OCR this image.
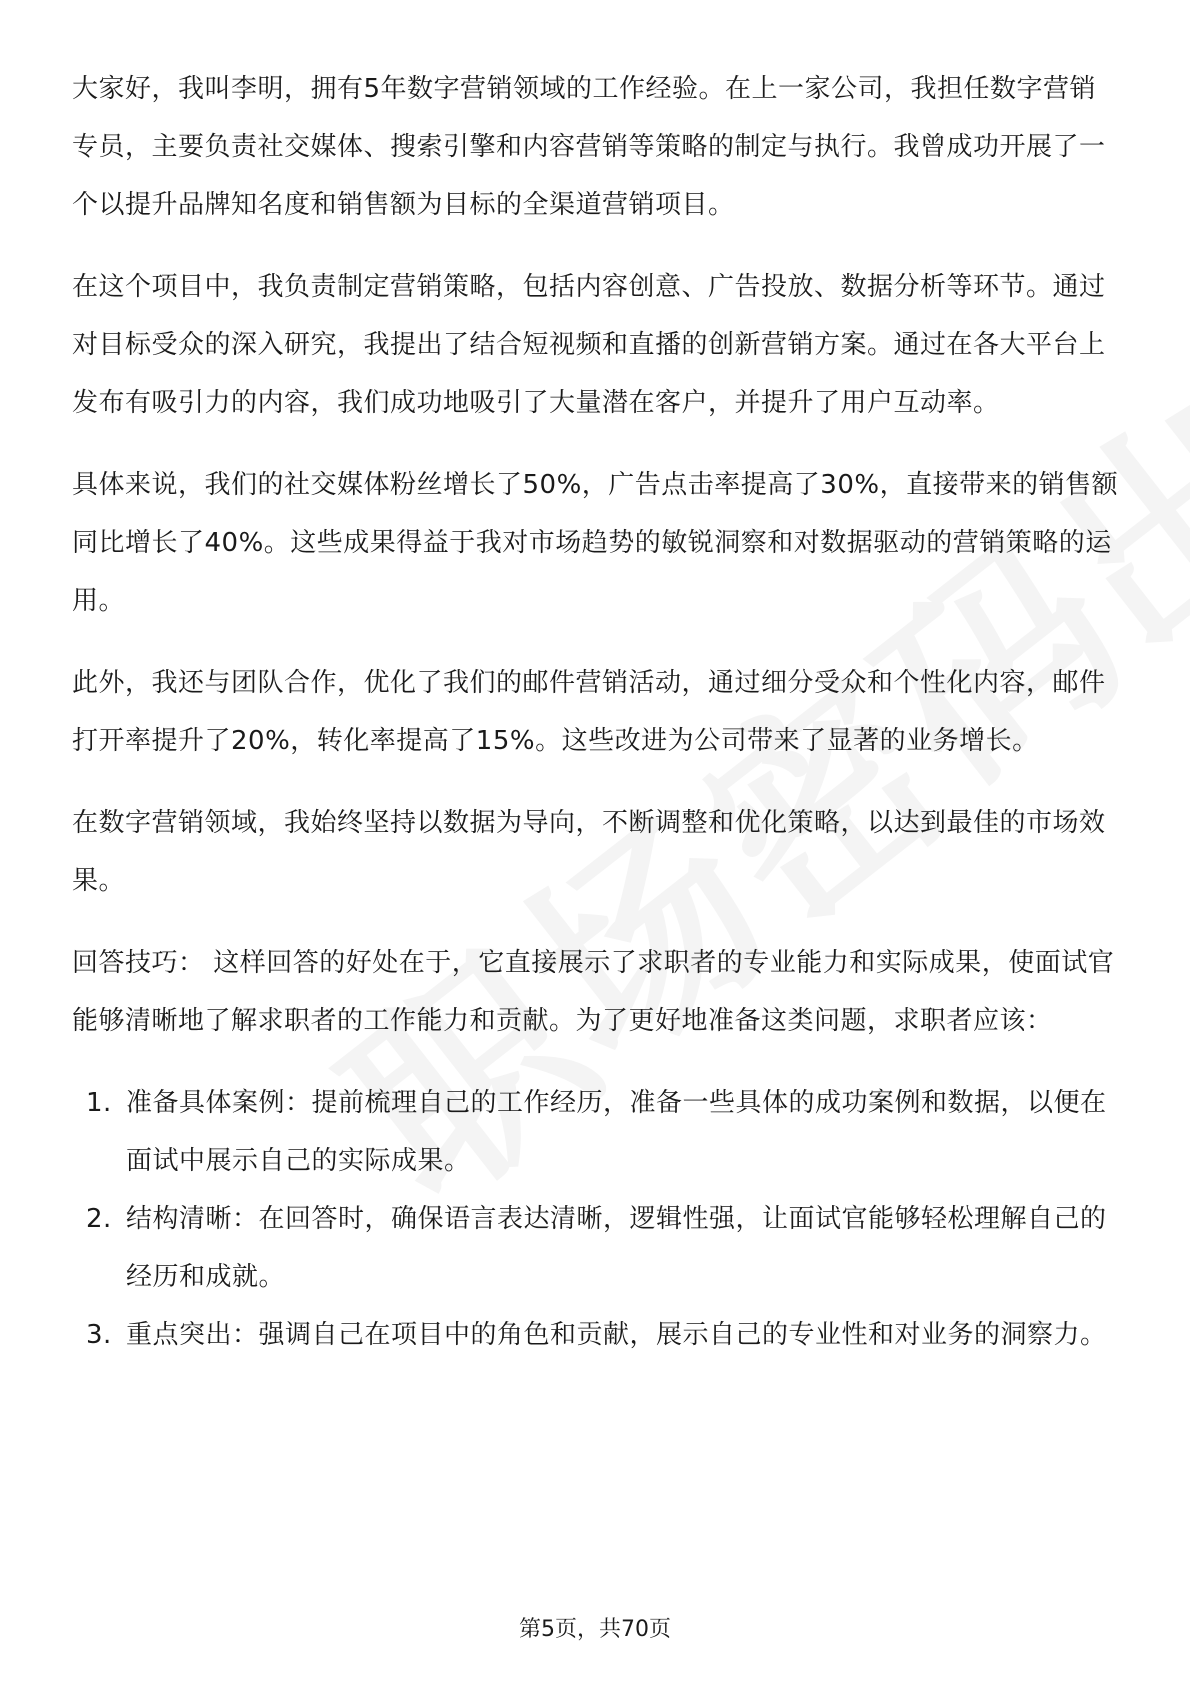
大家好，我叫李明，拥有5年数字营销领域的工作经验。在上一家公司，我担任数字营销专员，主要负责社交媒体、搜索引擎和内容营销等策略的制定与执行。我曾成功开展了一个以提升品牌知名度和销售额为目标的全渠道营销项目。

在这个项目中，我负责制定营销策略，包括内容创意、广告投放、数据分析等环节。通过对目标受众的深入研究，我提出了结合短视频和直播的创新营销方案。通过在各大平台上发布有吸引力的内容，我们成功地吸引了大量潜在客户，并提升了用户互动率。

具体来说，我们的社交媒体粉丝增长了50%，广告点击率提高了30%，直接带来的销售额同比增长了40%。这些成果得益于我对市场趋势的敏锐洞察和对数据驱动的营销策略的运用。

此外，我还与团队合作，优化了我们的邮件营销活动，通过细分受众和个性化内容，邮件打开率提升了20%，转化率提高了15%。这些改进为公司带来了显著的业务增长。

在数字营销领域，我始终坚持以数据为导向，不断调整和优化策略，以达到最佳的市场效果。

回答技巧： 这样回答的好处在于，它直接展示了求职者的专业能力和实际成果，使面试官能够清晰地了解求职者的工作能力和贡献。为了更好地准备这类问题，求职者应该：

1. 准备具体案例：提前梳理自己的工作经历，准备一些具体的成功案例和数据，以便在面试中展示自己的实际成果。
2. 结构清晰：在回答时，确保语言表达清晰，逻辑性强，让面试官能够轻松理解自己的经历和成就。
3. 重点突出：强调自己在项目中的角色和贡献，展示自己的专业性和对业务的洞察力。
第5页，共70页
